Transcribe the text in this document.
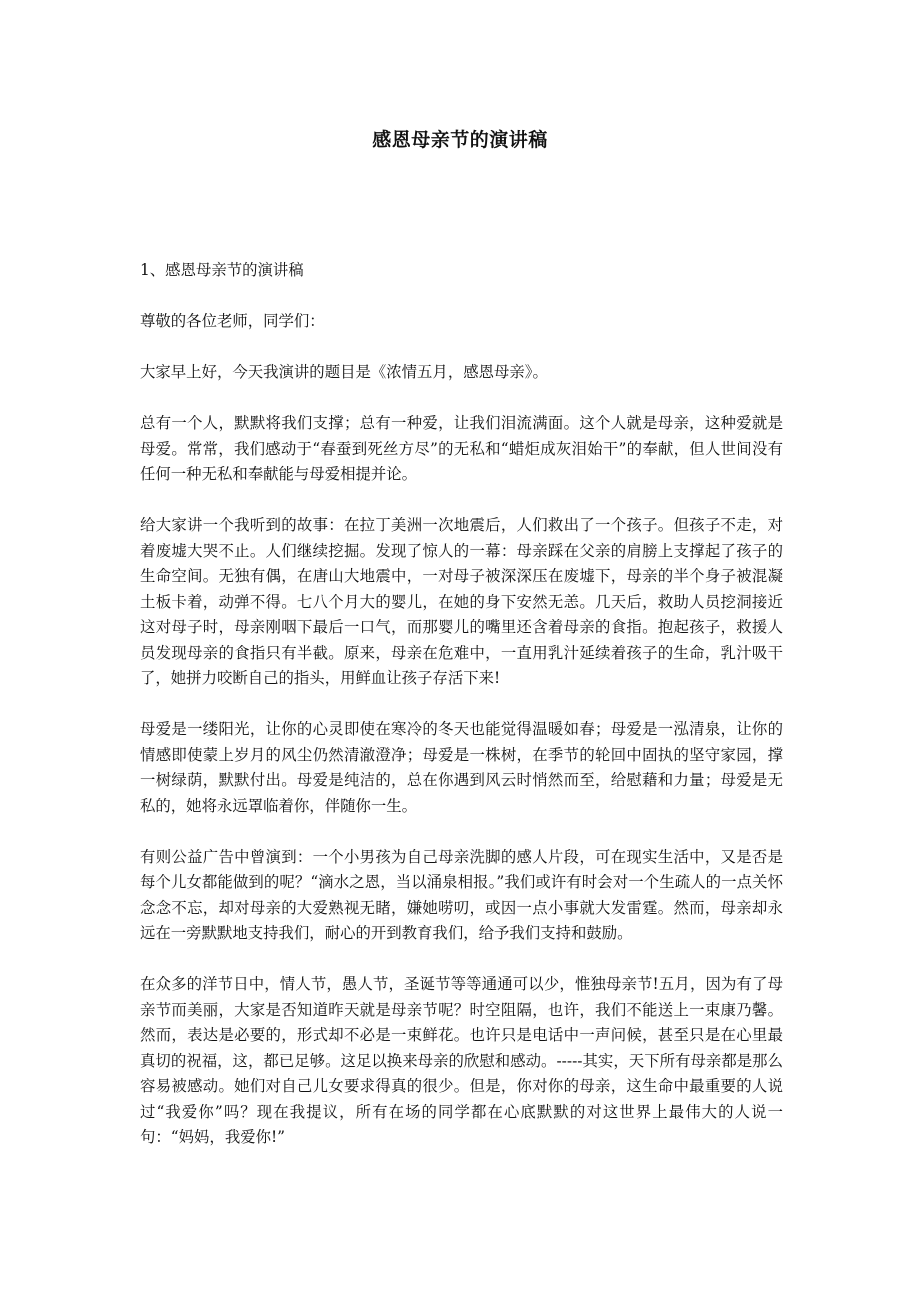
感恩母亲节的演讲稿

1、感恩母亲节的演讲稿

尊敬的各位老师，同学们：

大家早上好，今天我演讲的题目是《浓情五月，感恩母亲》。

总有一个人，默默将我们支撑；总有一种爱，让我们泪流满面。这个人就是母亲，这种爱就是母爱。常常，我们感动于“春蚕到死丝方尽”的无私和“蜡炬成灰泪始干”的奉献，但人世间没有任何一种无私和奉献能与母爱相提并论。

给大家讲一个我听到的故事：在拉丁美洲一次地震后，人们救出了一个孩子。但孩子不走，对着废墟大哭不止。人们继续挖掘。发现了惊人的一幕：母亲踩在父亲的肩膀上支撑起了孩子的生命空间。无独有偶，在唐山大地震中，一对母子被深深压在废墟下，母亲的半个身子被混凝土板卡着，动弹不得。七八个月大的婴儿，在她的身下安然无恙。几天后，救助人员挖洞接近这对母子时，母亲刚咽下最后一口气，而那婴儿的嘴里还含着母亲的食指。抱起孩子，救援人员发现母亲的食指只有半截。原来，母亲在危难中，一直用乳汁延续着孩子的生命，乳汁吸干了，她拼力咬断自己的指头，用鲜血让孩子存活下来!

母爱是一缕阳光，让你的心灵即使在寒冷的冬天也能觉得温暖如春；母爱是一泓清泉，让你的情感即使蒙上岁月的风尘仍然清澈澄净；母爱是一株树，在季节的轮回中固执的坚守家园，撑一树绿荫，默默付出。母爱是纯洁的，总在你遇到风云时悄然而至，给慰藉和力量；母爱是无私的，她将永远罩临着你，伴随你一生。

有则公益广告中曾演到：一个小男孩为自己母亲洗脚的感人片段，可在现实生活中，又是否是每个儿女都能做到的呢？“滴水之恩，当以涌泉相报。”我们或许有时会对一个生疏人的一点关怀念念不忘，却对母亲的大爱熟视无睹，嫌她唠叨，或因一点小事就大发雷霆。然而，母亲却永远在一旁默默地支持我们，耐心的开到教育我们，给予我们支持和鼓励。

在众多的洋节日中，情人节，愚人节，圣诞节等等通通可以少，惟独母亲节!五月，因为有了母亲节而美丽，大家是否知道昨天就是母亲节呢？时空阻隔，也许，我们不能送上一束康乃馨。然而，表达是必要的，形式却不必是一束鲜花。也许只是电话中一声问候，甚至只是在心里最真切的祝福，这，都已足够。这足以换来母亲的欣慰和感动。-----其实，天下所有母亲都是那么容易被感动。她们对自己儿女要求得真的很少。但是，你对你的母亲，这生命中最重要的人说过“我爱你”吗？现在我提议，所有在场的同学都在心底默默的对这世界上最伟大的人说一句：“妈妈，我爱你!”
